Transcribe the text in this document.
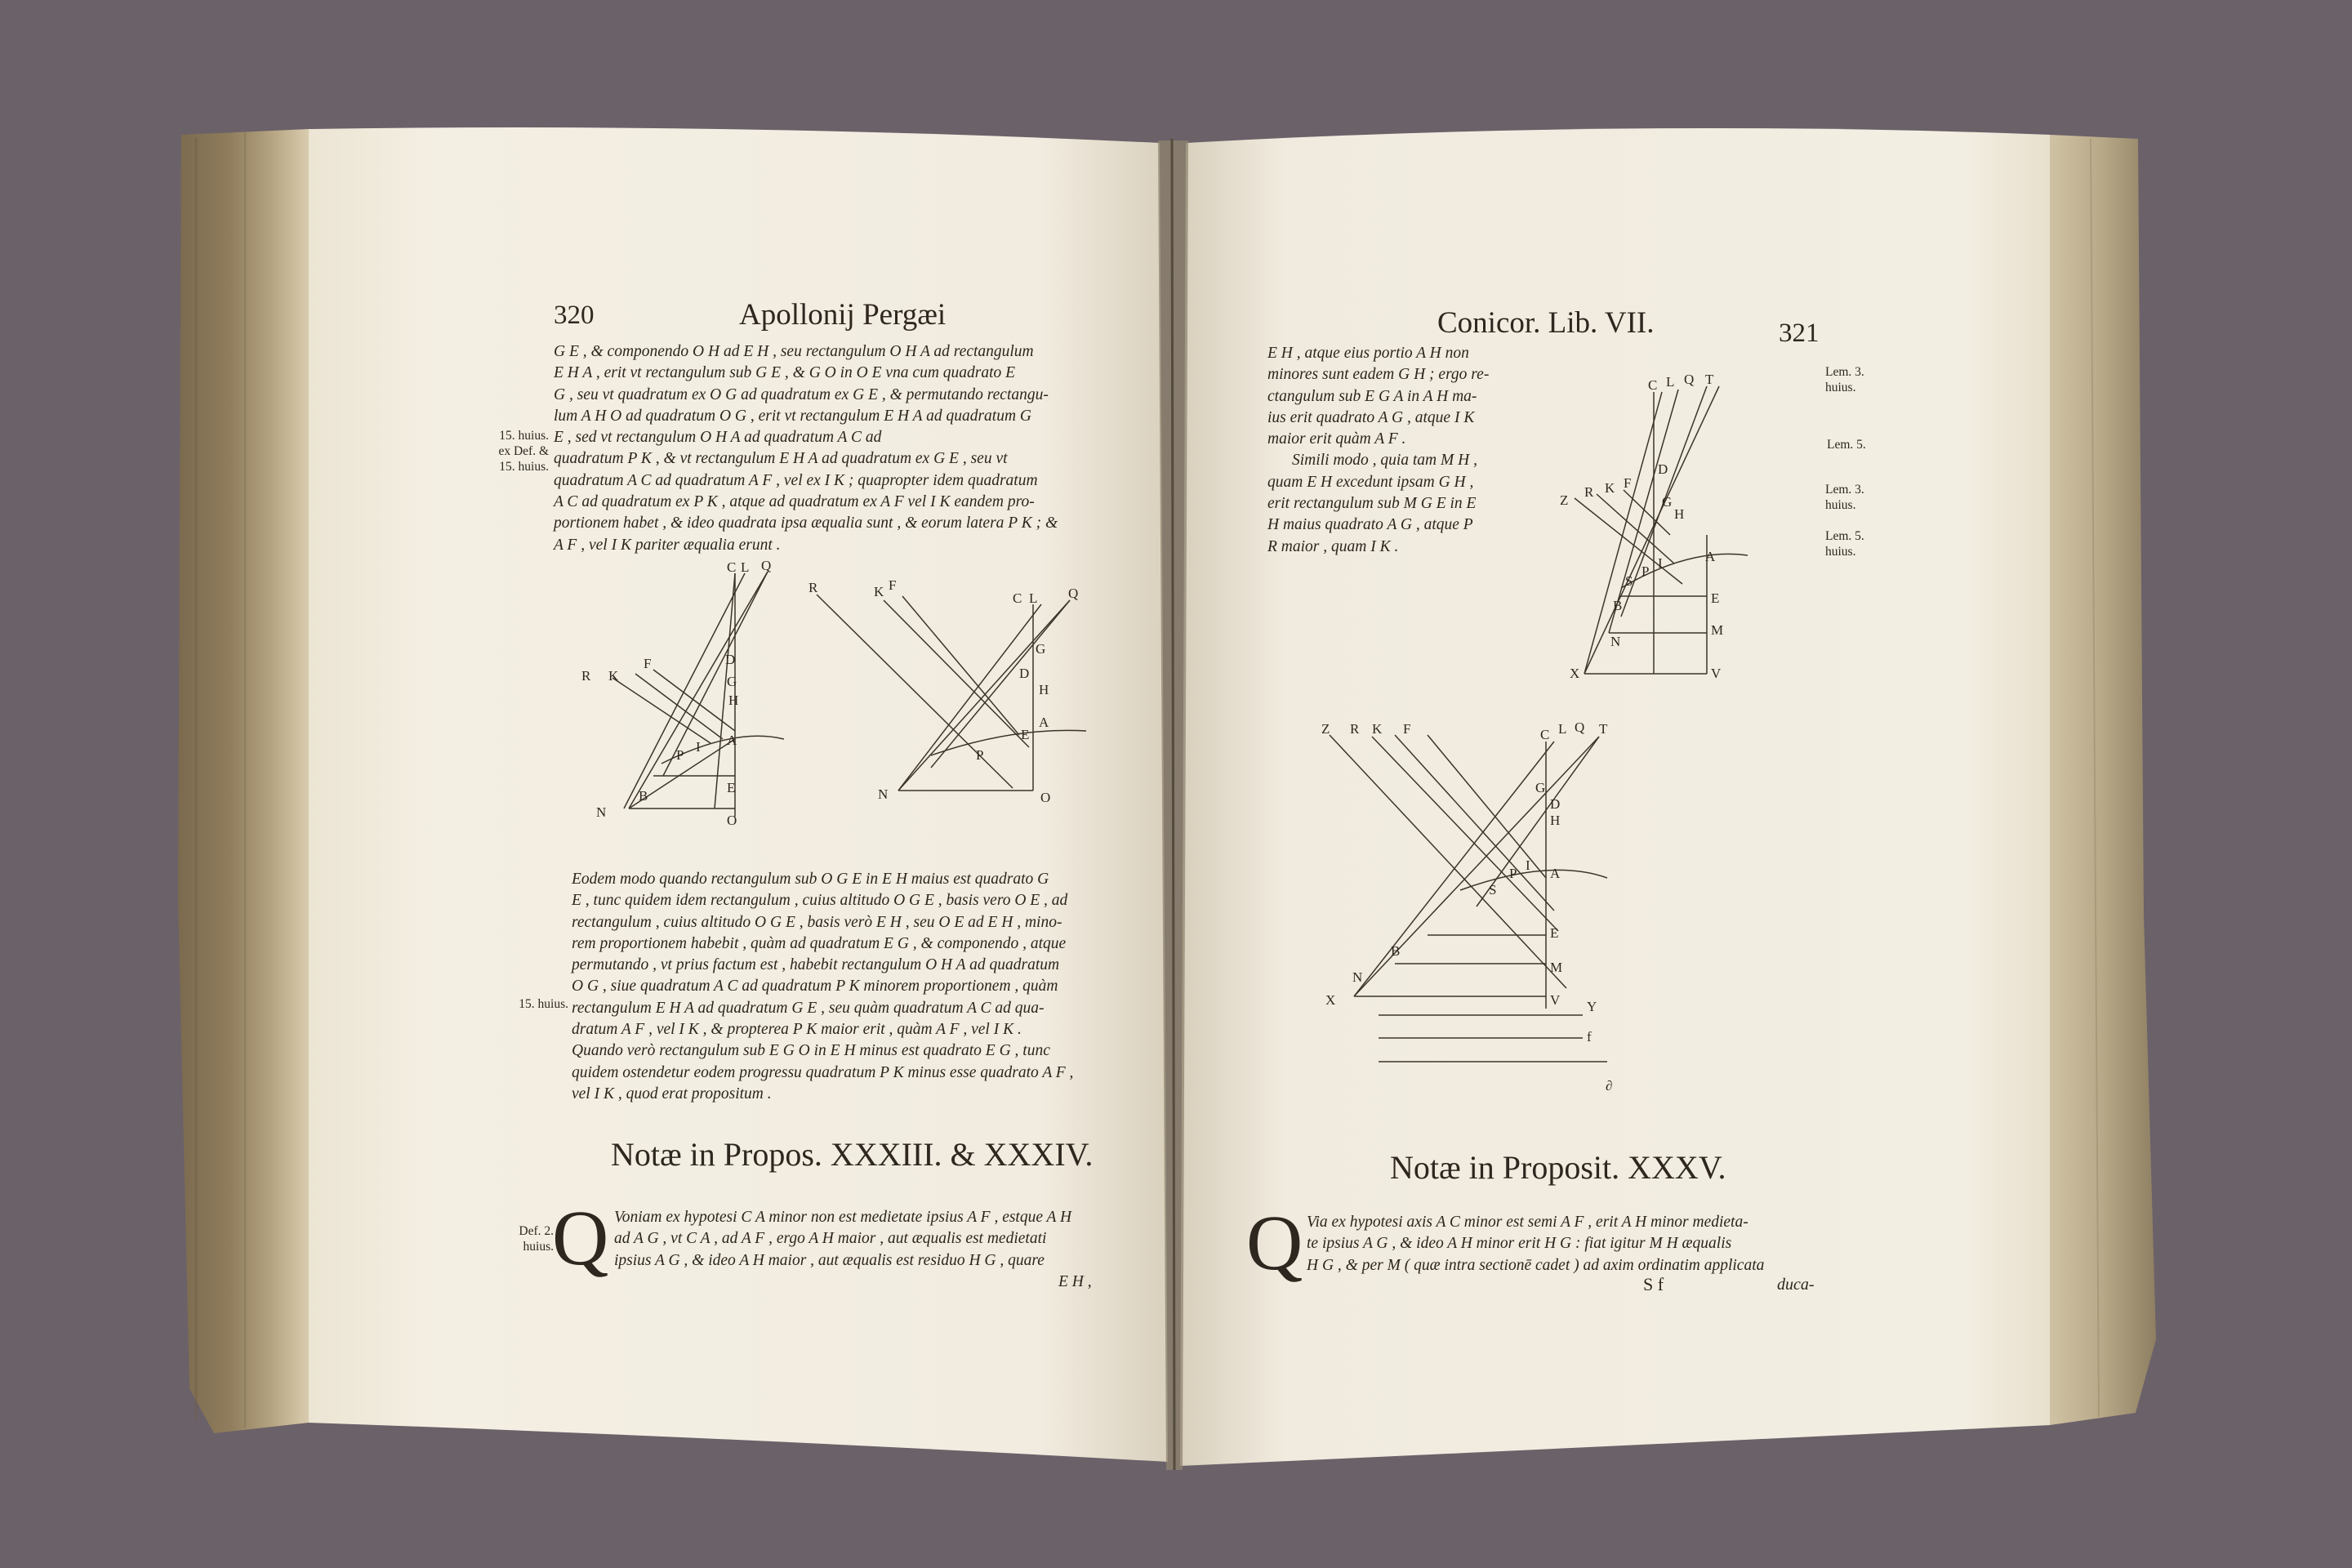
320	Apollonij Pergæi
G E , & componendo O H ad E H , seu rectangulum O H A ad rectangulum
E H A , erit vt rectangulum sub G E , & G O in O E vna cum quadrato E
G , seu vt quadratum ex O G ad quadratum ex G E , & permutando rectangu-
lum A H O ad quadratum O G , erit vt rectangulum E H A ad quadratum G
E , sed vt rectangulum O H A ad quadratum A C ad
quadratum P K , & vt rectangulum E H A ad quadratum ex G E , seu vt
quadratum A C ad quadratum A F , vel ex I K ; quapropter idem quadratum
A C ad quadratum ex P K , atque ad quadratum ex A F vel I K eandem pro-
portionem habet , & ideo quadrata ipsa æqualia sunt , & eorum latera P K ; &
A F , vel I K pariter æqualia erunt .
15. huius.
ex Def. &
15. huius.
C L Q
D
G
R K
F
H
A
P
I
B
E
N
O
R	K F
C L Q
G
D
H
A
E
P
N	O
Eodem modo quando rectangulum sub O G E in E H maius est quadrato G
E , tunc quidem idem rectangulum , cuius altitudo O G E , basis vero O E , ad
rectangulum , cuius altitudo O G E , basis verò E H , seu O E ad E H , mino-
rem proportionem habebit , quàm ad quadratum E G , & componendo , atque
permutando , vt prius factum est , habebit rectangulum O H A ad quadratum
O G , siue quadratum A C ad quadratum P K minorem proportionem , quàm
rectangulum E H A ad quadratum G E , seu quàm quadratum A C ad qua-
dratum A F , vel I K , & propterea P K maior erit , quàm A F , vel I K .
Quando verò rectangulum sub E G O in E H minus est quadrato E G , tunc
quidem ostendetur eodem progressu quadratum P K minus esse quadrato A F ,
vel I K , quod erat propositum .
15. huius.
Notæ in Propos. XXXIII. & XXXIV.
Def. 2.
huius.
Q Voniam ex hypotesi C A minor non est medietate ipsius A F , estque A H
ad A G , vt C A , ad A F , ergo A H maior , aut æqualis est medietati
ipsius A G , & ideo A H maior , aut æqualis est residuo H G , quare
E H ,
Conicor. Lib. VII.	321
E H , atque eius portio A H non
minores sunt eadem G H ; ergo re-
ctangulum sub E G A in A H ma-
ius erit quadrato A G , atque I K
maior erit quàm A F .
Simili modo , quia tam M H ,
quam E H excedunt ipsam G H ,
erit rectangulum sub M G E in E
H maius quadrato A G , atque P
R maior , quam I K .
Lem. 3.
huius.
Lem. 5.
Lem. 3.
huius.
Lem. 5.
huius.
C L Q T
Z
R K F
D
G
H
P
I	A
S
B	E
M
N
X	V
Z R K F	C L Q T
G
D
H
A
P
I
S
B
E
M
N
X	V Y
f
∂
Notæ in Proposit. XXXV.
Q Via ex hypotesi axis A C minor est semi A F , erit A H minor medieta-
te ipsius A G , & ideo A H minor erit H G : fiat igitur M H æqualis
H G , & per M ( quæ intra sectionē cadet ) ad axim ordinatim applicata
S f	duca-
